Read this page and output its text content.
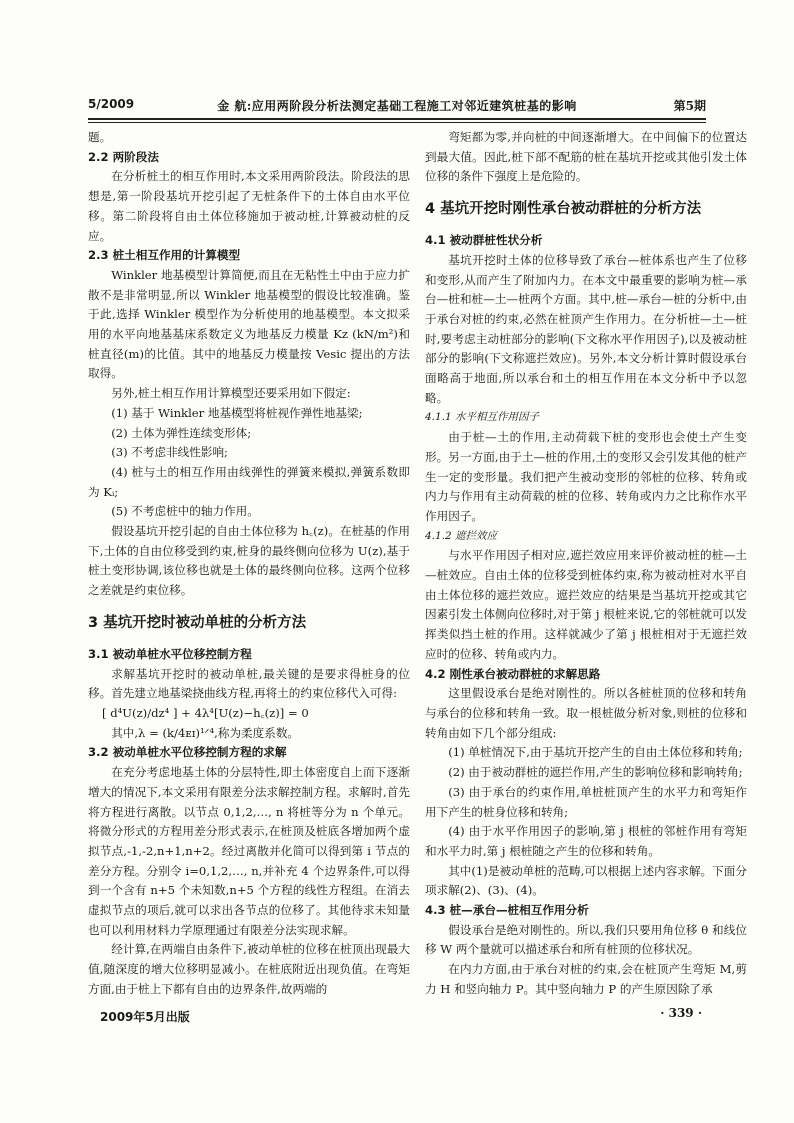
5/2009	金 航:应用两阶段分析法测定基础工程施工对邻近建筑桩基的影响	第5期

题。

2.2 两阶段法

在分析桩土的相互作用时,本文采用两阶段法。阶段法的思想是,第一阶段基坑开挖引起了无桩条件下的土体自由水平位移。第二阶段将自由土体位移施加于被动桩,计算被动桩的反应。

2.3 桩土相互作用的计算模型

Winkler 地基模型计算简便,而且在无粘性土中由于应力扩散不是非常明显,所以 Winkler 地基模型的假设比较准确。鉴于此,选择 Winkler 模型作为分析使用的地基模型。本文拟采用的水平向地基基床系数定义为地基反力模量 Kz (kN/m²)和桩直径(m)的比值。其中的地基反力模量按 Vesic 提出的方法取得。

另外,桩土相互作用计算模型还要采用如下假定:

(1) 基于 Winkler 地基模型将桩视作弹性地基梁;

(2) 土体为弹性连续变形体;

(3) 不考虑非线性影响;

(4) 桩与土的相互作用由线弹性的弹簧来模拟,弹簧系数即为 Kᵢ;

(5) 不考虑桩中的轴力作用。

假设基坑开挖引起的自由土体位移为 h꜀(z)。在桩基的作用下,土体的自由位移受到约束,桩身的最终侧向位移为 U(z),基于桩土变形协调,该位移也就是土体的最终侧向位移。这两个位移之差就是约束位移。

3 基坑开挖时被动单桩的分析方法
3.1 被动单桩水平位移控制方程

求解基坑开挖时的被动单桩,最关键的是要求得桩身的位移。首先建立地基梁挠曲线方程,再将土的约束位移代入可得:

[ d⁴U(z)/dz⁴ ] + 4λ⁴[U(z)−h꜀(z)] = 0

其中,λ = (k/4ᴇɪ)¹ᐟ⁴,称为柔度系数。

3.2 被动单桩水平位移控制方程的求解

在充分考虑地基土体的分层特性,即土体密度自上而下逐渐增大的情况下,本文采用有限差分法求解控制方程。求解时,首先将方程进行离散。以节点 0,1,2,…, n 将桩等分为 n 个单元。将微分形式的方程用差分形式表示,在桩顶及桩底各增加两个虚拟节点,-1,-2,n+1,n+2。经过离散并化简可以得到第 i 节点的差分方程。分别令 i=0,1,2,…, n,并补充 4 个边界条件,可以得到一个含有 n+5 个未知数,n+5 个方程的线性方程组。在消去虚拟节点的项后,就可以求出各节点的位移了。其他待求未知量也可以利用材料力学原理通过有限差分法实现求解。

经计算,在两端自由条件下,被动单桩的位移在桩顶出现最大值,随深度的增大位移明显减小。在桩底附近出现负值。在弯矩方面,由于桩上下都有自由的边界条件,故两端的

弯矩都为零,并向桩的中间逐渐增大。在中间偏下的位置达到最大值。因此,桩下部不配筋的桩在基坑开挖或其他引发土体位移的条件下强度上是危险的。

4 基坑开挖时刚性承台被动群桩的分析方法
4.1 被动群桩性状分析

基坑开挖时土体的位移导致了承台—桩体系也产生了位移和变形,从而产生了附加内力。在本文中最重要的影响为桩—承台—桩和桩—土—桩两个方面。其中,桩—承台—桩的分析中,由于承台对桩的约束,必然在桩顶产生作用力。在分析桩—土—桩时,要考虑主动桩部分的影响(下文称水平作用因子),以及被动桩部分的影响(下文称遮拦效应)。另外,本文分析计算时假设承台面略高于地面,所以承台和土的相互作用在本文分析中予以忽略。

4.1.1 水平相互作用因子

由于桩—土的作用,主动荷载下桩的变形也会使土产生变形。另一方面,由于土—桩的作用,土的变形又会引发其他的桩产生一定的变形量。我们把产生被动变形的邻桩的位移、转角或内力与作用有主动荷载的桩的位移、转角或内力之比称作水平作用因子。

4.1.2 遮拦效应

与水平作用因子相对应,遮拦效应用来评价被动桩的桩—土—桩效应。自由土体的位移受到桩体约束,称为被动桩对水平自由土体位移的遮拦效应。遮拦效应的结果是当基坑开挖或其它因素引发土体侧向位移时,对于第 j 根桩来说,它的邻桩就可以发挥类似挡土桩的作用。这样就减少了第 j 根桩相对于无遮拦效应时的位移、转角或内力。

4.2 刚性承台被动群桩的求解思路

这里假设承台是绝对刚性的。所以各桩桩顶的位移和转角与承台的位移和转角一致。取一根桩做分析对象,则桩的位移和转角由如下几个部分组成:

(1) 单桩情况下,由于基坑开挖产生的自由土体位移和转角;

(2) 由于被动群桩的遮拦作用,产生的影响位移和影响转角;

(3) 由于承台的约束作用,单桩桩顶产生的水平力和弯矩作用下产生的桩身位移和转角;

(4) 由于水平作用因子的影响,第 j 根桩的邻桩作用有弯矩和水平力时,第 j 根桩随之产生的位移和转角。

其中(1)是被动单桩的范畴,可以根据上述内容求解。下面分项求解(2)、(3)、(4)。

4.3 桩—承台—桩相互作用分析

假设承台是绝对刚性的。所以,我们只要用角位移 θ 和线位移 W 两个量就可以描述承台和所有桩顶的位移状况。

在内力方面,由于承台对桩的约束,会在桩顶产生弯矩 M,剪力 H 和竖向轴力 P。其中竖向轴力 P 的产生原因除了承

2009年5月出版	· 339 ·
